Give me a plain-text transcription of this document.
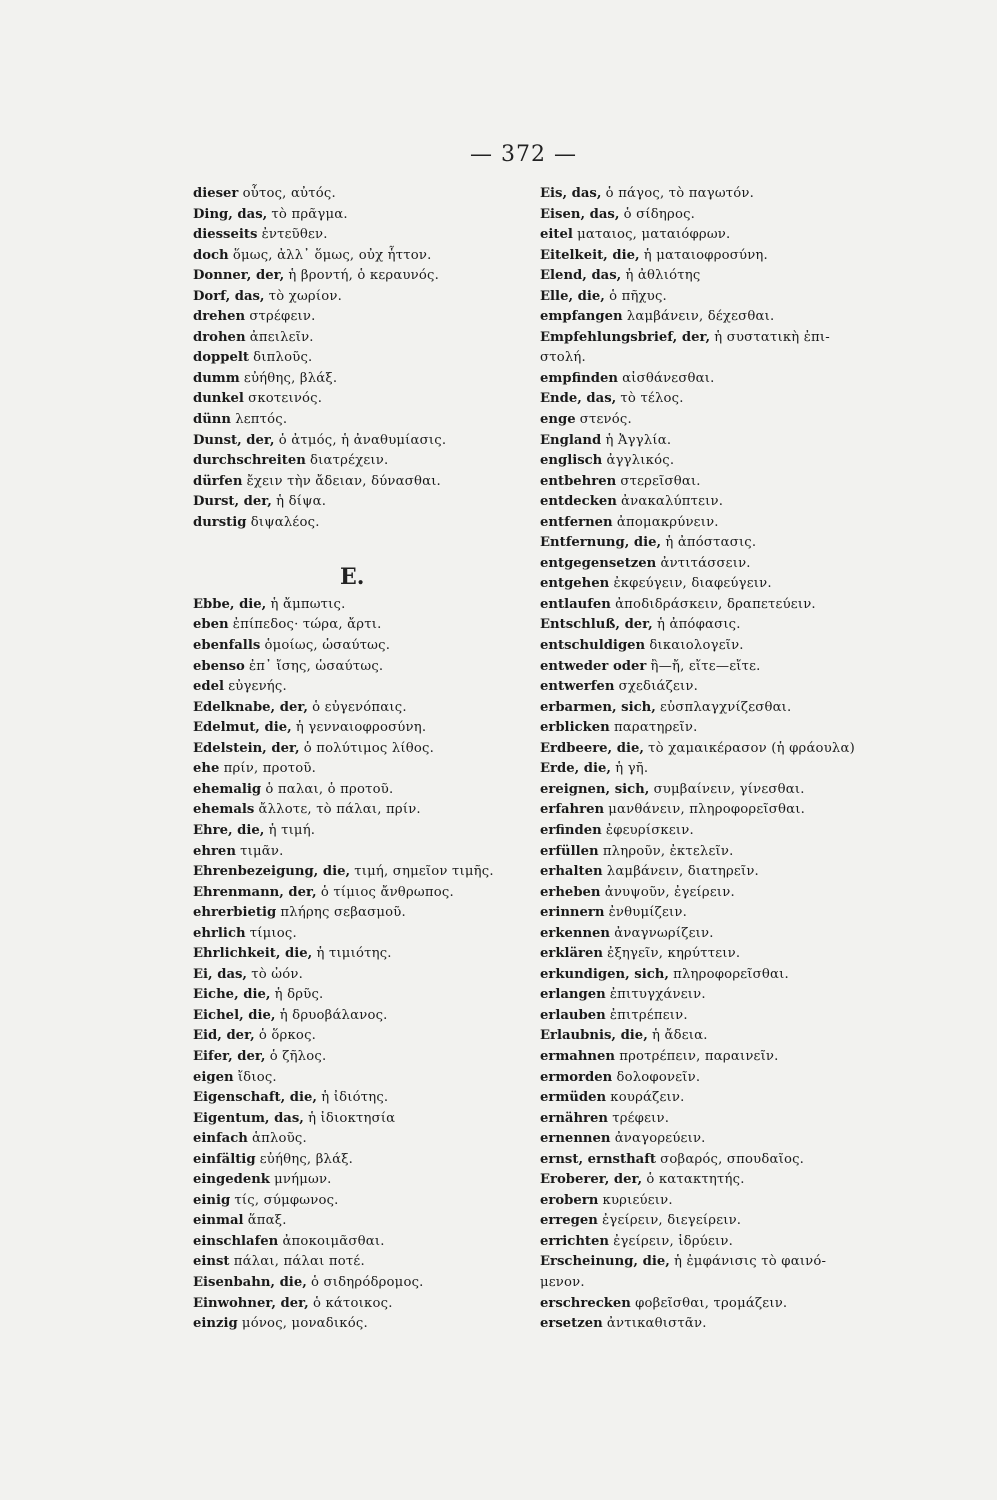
— 372 —
dieser οὗτος, αὐτός.
Ding, das, τὸ πρᾶγμα.
diesseits ἐντεῦθεν.
doch ὅμως, ἀλλ᾽ ὅμως, οὐχ ἧττον.
Donner, der, ἡ βροντή, ὁ κεραυνός.
Dorf, das, τὸ χωρίον.
drehen στρέφειν.
drohen ἀπειλεῖν.
doppelt διπλοῦς.
dumm εὐήθης, βλάξ.
dunkel σκοτεινός.
dünn λεπτός.
Dunst, der, ὁ ἀτμός, ἡ ἀναθυμίασις.
durchschreiten διατρέχειν.
dürfen ἔχειν τὴν ἄδειαν, δύνασθαι.
Durst, der, ἡ δίψα.
durstig διψαλέος.
Ebbe, die, ἡ ἄμπωτις.
eben ἐπίπεδος· τώρα, ἄρτι.
ebenfalls ὁμοίως, ὡσαύτως.
ebenso ἐπ᾽ ἴσης, ὡσαύτως.
edel εὐγενής.
Edelknabe, der, ὁ εὐγενόπαις.
Edelmut, die, ἡ γενναιοφροσύνη.
Edelstein, der, ὁ πολύτιμος λίθος.
ehe πρίν, προτοῦ.
ehemalig ὁ παλαι, ὁ προτοῦ.
ehemals ἄλλοτε, τὸ πάλαι, πρίν.
Ehre, die, ἡ τιμή.
ehren τιμᾶν.
Ehrenbezeigung, die, τιμή, σημεῖον τιμῆς.
Ehrenmann, der, ὁ τίμιος ἄνθρωπος.
ehrerbietig πλήρης σεβασμοῦ.
ehrlich τίμιος.
Ehrlichkeit, die, ἡ τιμιότης.
Ei, das, τὸ ὠόν.
Eiche, die, ἡ δρῦς.
Eichel, die, ἡ δρυοβάλανος.
Eid, der, ὁ ὅρκος.
Eifer, der, ὁ ζῆλος.
eigen ἴδιος.
Eigenschaft, die, ἡ ἰδιότης.
Eigentum, das, ἡ ἰδιοκτησία
einfach ἁπλοῦς.
einfältig εὐήθης, βλάξ.
eingedenk μνήμων.
einig τίς, σύμφωνος.
einmal ἅπαξ.
einschlafen ἀποκοιμᾶσθαι.
einst πάλαι, πάλαι ποτέ.
Eisenbahn, die, ὁ σιδηρόδρομος.
Einwohner, der, ὁ κάτοικος.
einzig μόνος, μοναδικός.
E.
Eis, das, ὁ πάγος, τὸ παγωτόν.
Eisen, das, ὁ σίδηρος.
eitel ματαιος, ματαιόφρων.
Eitelkeit, die, ἡ ματαιοφροσύνη.
Elend, das, ἡ ἀθλιότης
Elle, die, ὁ πῆχυς.
empfangen λαμβάνειν, δέχεσθαι.
Empfehlungsbrief, der, ἡ συστατικὴ ἐπι-
στολή.
empfinden αἰσθάνεσθαι.
Ende, das, τὸ τέλος.
enge στενός.
England ἡ Ἀγγλία.
englisch ἀγγλικός.
entbehren στερεῖσθαι.
entdecken ἀνακαλύπτειν.
entfernen ἀπομακρύνειν.
Entfernung, die, ἡ ἀπόστασις.
entgegensetzen ἀντιτάσσειν.
entgehen ἐκφεύγειν, διαφεύγειν.
entlaufen ἀποδιδράσκειν, δραπετεύειν.
Entschluß, der, ἡ ἀπόφασις.
entschuldigen δικαιολογεῖν.
entweder oder ἢ—ἤ, εἴτε—εἴτε.
entwerfen σχεδιάζειν.
erbarmen, sich, εὐσπλαγχνίζεσθαι.
erblicken παρατηρεῖν.
Erdbeere, die, τὸ χαμαικέρασον (ἡ φράουλα)
Erde, die, ἡ γῆ.
ereignen, sich, συμβαίνειν, γίνεσθαι.
erfahren μανθάνειν, πληροφορεῖσθαι.
erfinden ἐφευρίσκειν.
erfüllen πληροῦν, ἐκτελεῖν.
erhalten λαμβάνειν, διατηρεῖν.
erheben ἀνυψοῦν, ἐγείρειν.
erinnern ἐνθυμίζειν.
erkennen ἀναγνωρίζειν.
erklären ἐξηγεῖν, κηρύττειν.
erkundigen, sich, πληροφορεῖσθαι.
erlangen ἐπιτυγχάνειν.
erlauben ἐπιτρέπειν.
Erlaubnis, die, ἡ ἄδεια.
ermahnen προτρέπειν, παραινεῖν.
ermorden δολοφονεῖν.
ermüden κουράζειν.
ernähren τρέφειν.
ernennen ἀναγορεύειν.
ernst, ernsthaft σοβαρός, σπουδαῖος.
Eroberer, der, ὁ κατακτητής.
erobern κυριεύειν.
erregen ἐγείρειν, διεγείρειν.
errichten ἐγείρειν, ἱδρύειν.
Erscheinung, die, ἡ ἐμφάνισις τὸ φαινό-
μενον.
erschrecken φοβεῖσθαι, τρομάζειν.
ersetzen ἀντικαθιστᾶν.
